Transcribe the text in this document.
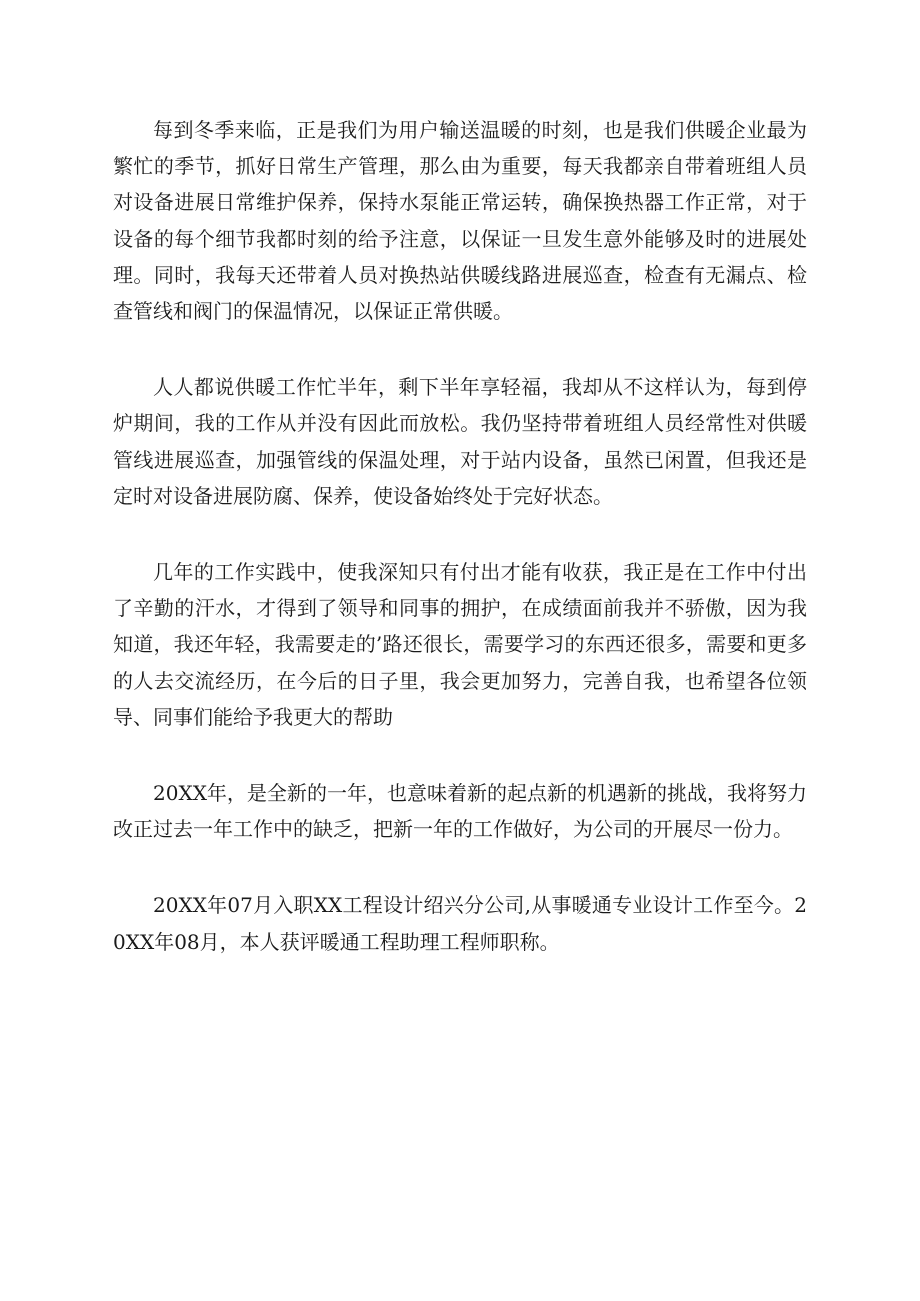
每到冬季来临，正是我们为用户输送温暖的时刻，也是我们供暖企业最为繁忙的季节，抓好日常生产管理，那么由为重要，每天我都亲自带着班组人员对设备进展日常维护保养，保持水泵能正常运转，确保换热器工作正常，对于设备的每个细节我都时刻的给予注意，以保证一旦发生意外能够及时的进展处理。同时，我每天还带着人员对换热站供暖线路进展巡查，检查有无漏点、检查管线和阀门的保温情况，以保证正常供暖。

人人都说供暖工作忙半年，剩下半年享轻福，我却从不这样认为，每到停炉期间，我的工作从并没有因此而放松。我仍坚持带着班组人员经常性对供暖管线进展巡查，加强管线的保温处理，对于站内设备，虽然已闲置，但我还是定时对设备进展防腐、保养，使设备始终处于完好状态。

几年的工作实践中，使我深知只有付出才能有收获，我正是在工作中付出了辛勤的汗水，才得到了领导和同事的拥护，在成绩面前我并不骄傲，因为我知道，我还年轻，我需要走的’路还很长，需要学习的东西还很多，需要和更多的人去交流经历，在今后的日子里，我会更加努力，完善自我，也希望各位领导、同事们能给予我更大的帮助

20XX年，是全新的一年，也意味着新的起点新的机遇新的挑战，我将努力改正过去一年工作中的缺乏，把新一年的工作做好，为公司的开展尽一份力。

20XX年07月入职XX工程设计绍兴分公司,从事暖通专业设计工作至今。20XX年08月，本人获评暖通工程助理工程师职称。
